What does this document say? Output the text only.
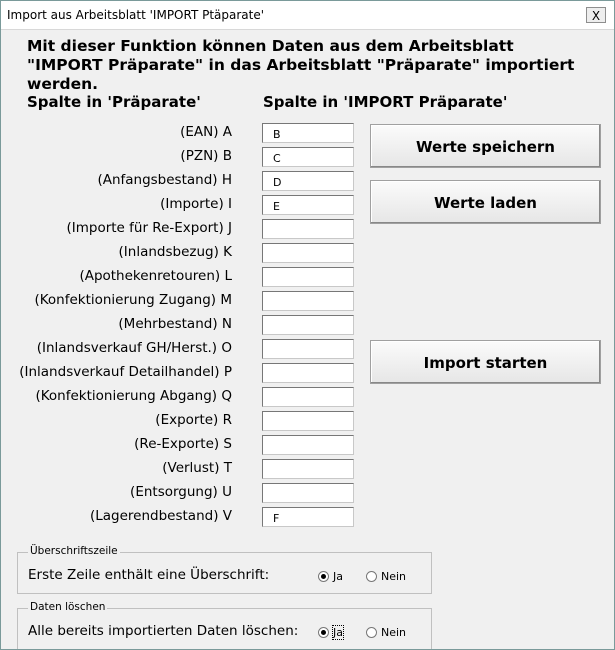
Import aus Arbeitsblatt 'IMPORT Ptäparate'	X
Mit dieser Funktion können Daten aus dem Arbeitsblatt "IMPORT Präparate" in das Arbeitsblatt "Präparate" importiert werden.
Spalte in 'Präparate'	Spalte in 'IMPORT Präparate'
(EAN) A	B
(PZN) B	C
(Anfangsbestand) H	D
(Importe) I	E
(Importe für Re-Export) J
(Inlandsbezug) K
(Apothekenretouren) L
(Konfektionierung Zugang) M
(Mehrbestand) N
(Inlandsverkauf GH/Herst.) O
(Inlandsverkauf Detailhandel) P
(Konfektionierung Abgang) Q
(Exporte) R
(Re-Exporte) S
(Verlust) T
(Entsorgung) U
(Lagerendbestand) V	F
Werte speichern
Werte laden
Import starten
Überschriftszeile
Erste Zeile enthält eine Überschrift:	Ja	Nein
Daten löschen
Alle bereits importierten Daten löschen:	Ja	Nein
